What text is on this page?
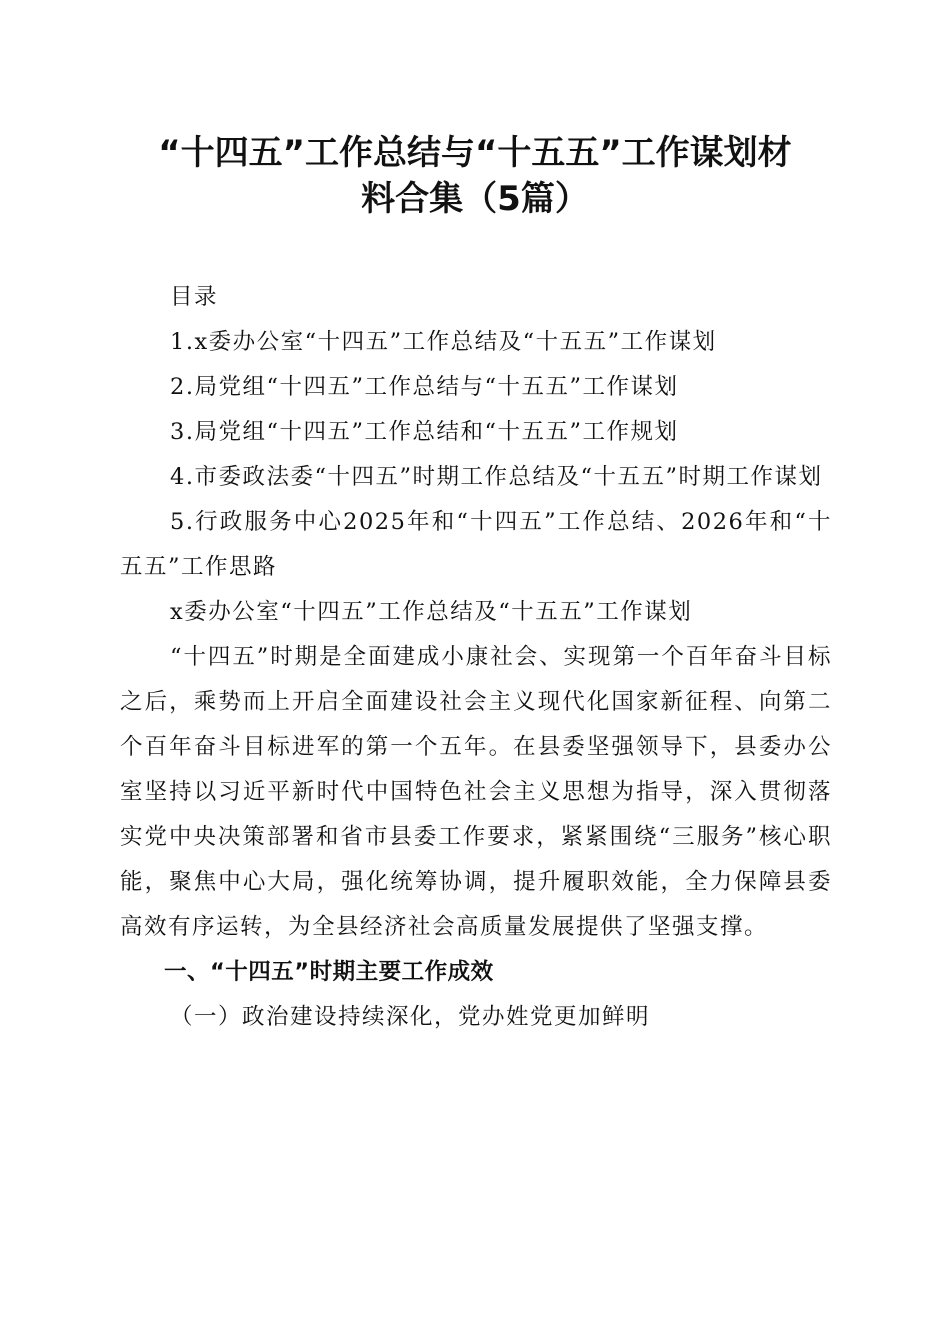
“十四五”工作总结与“十五五”工作谋划材
料合集（5篇）

目录

1.x委办公室“十四五”工作总结及“十五五”工作谋划

2.局党组“十四五”工作总结与“十五五”工作谋划

3.局党组“十四五”工作总结和“十五五”工作规划

4.市委政法委“十四五”时期工作总结及“十五五”时期工作谋划

5.行政服务中心2025年和“十四五”工作总结、2026年和“十五五”工作思路

x委办公室“十四五”工作总结及“十五五”工作谋划

“十四五”时期是全面建成小康社会、实现第一个百年奋斗目标之后，乘势而上开启全面建设社会主义现代化国家新征程、向第二个百年奋斗目标进军的第一个五年。在县委坚强领导下，县委办公室坚持以习近平新时代中国特色社会主义思想为指导，深入贯彻落实党中央决策部署和省市县委工作要求，紧紧围绕“三服务”核心职能，聚焦中心大局，强化统筹协调，提升履职效能，全力保障县委高效有序运转，为全县经济社会高质量发展提供了坚强支撑。

一、“十四五”时期主要工作成效

（一）政治建设持续深化，党办姓党更加鲜明
